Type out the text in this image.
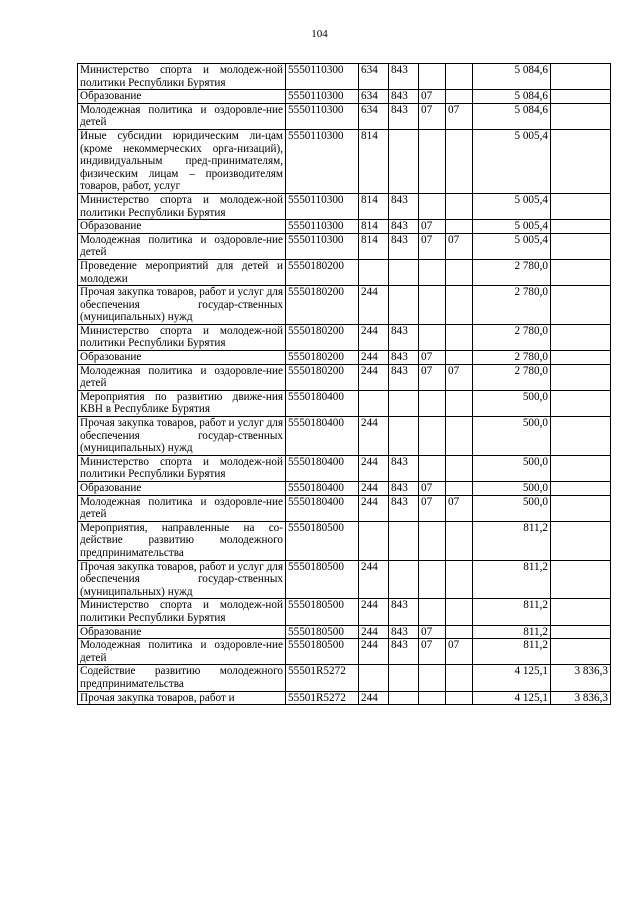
104
Министерство спорта и молодеж-ной политики Республики Бурятия	5550110300	634	843			5 084,6	
Образование	5550110300	634	843	07		5 084,6	
Молодежная политика и оздоровле-ние детей	5550110300	634	843	07	07	5 084,6	
Иные субсидии юридическим ли-цам (кроме некоммерческих орга-низаций), индивидуальным пред-принимателям, физическим лицам – производителям товаров, работ, услуг	5550110300	814				5 005,4	
Министерство спорта и молодеж-ной политики Республики Бурятия	5550110300	814	843			5 005,4	
Образование	5550110300	814	843	07		5 005,4	
Молодежная политика и оздоровле-ние детей	5550110300	814	843	07	07	5 005,4	
Проведение мероприятий для детей и молодежи	5550180200					2 780,0	
Прочая закупка товаров, работ и услуг для обеспечения государ-ственных (муниципальных) нужд	5550180200	244				2 780,0	
Министерство спорта и молодеж-ной политики Республики Бурятия	5550180200	244	843			2 780,0	
Образование	5550180200	244	843	07		2 780,0	
Молодежная политика и оздоровле-ние детей	5550180200	244	843	07	07	2 780,0	
Мероприятия по развитию движе-ния КВН в Республике Бурятия	5550180400					500,0	
Прочая закупка товаров, работ и услуг для обеспечения государ-ственных (муниципальных) нужд	5550180400	244				500,0	
Министерство спорта и молодеж-ной политики Республики Бурятия	5550180400	244	843			500,0	
Образование	5550180400	244	843	07		500,0	
Молодежная политика и оздоровле-ние детей	5550180400	244	843	07	07	500,0	
Мероприятия, направленные на со-действие развитию молодежного предпринимательства	5550180500					811,2	
Прочая закупка товаров, работ и услуг для обеспечения государ-ственных (муниципальных) нужд	5550180500	244				811,2	
Министерство спорта и молодеж-ной политики Республики Бурятия	5550180500	244	843			811,2	
Образование	5550180500	244	843	07		811,2	
Молодежная политика и оздоровле-ние детей	5550180500	244	843	07	07	811,2	
Содействие развитию молодежного предпринимательства	55501R5272					4 125,1	3 836,3
Прочая закупка товаров, работ и	55501R5272	244				4 125,1	3 836,3
